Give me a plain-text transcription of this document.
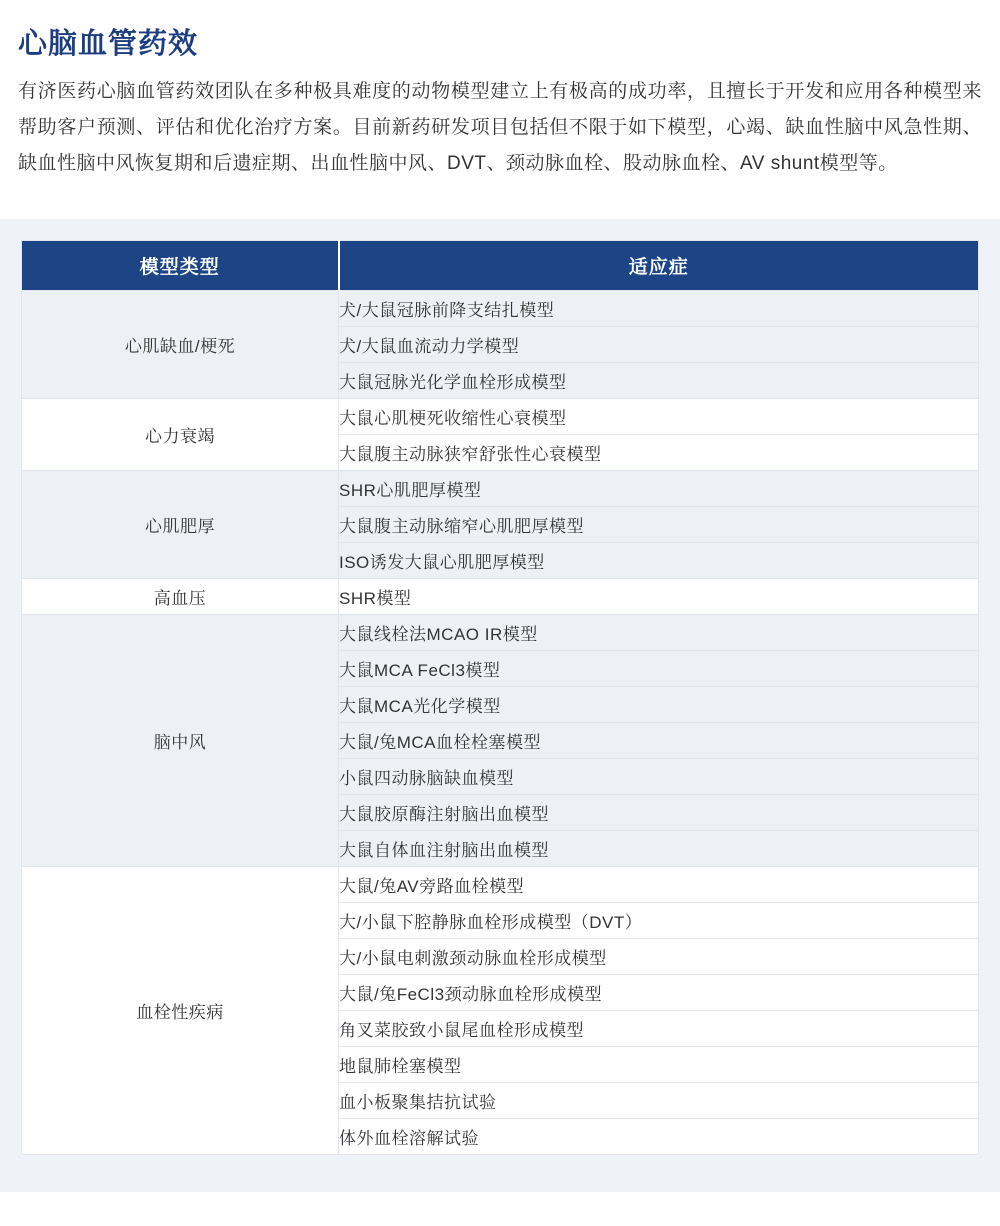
心脑血管药效

有济医药心脑血管药效团队在多种极具难度的动物模型建立上有极高的成功率，且擅长于开发和应用各种模型来帮助客户预测、评估和优化治疗方案。目前新药研发项目包括但不限于如下模型，心竭、缺血性脑中风急性期、缺血性脑中风恢复期和后遗症期、出血性脑中风、DVT、颈动脉血栓、股动脉血栓、AV shunt模型等。

模型类型	适应症
心肌缺血/梗死	犬/大鼠冠脉前降支结扎模型
	犬/大鼠血流动力学模型
	大鼠冠脉光化学血栓形成模型
心力衰竭	大鼠心肌梗死收缩性心衰模型
	大鼠腹主动脉狭窄舒张性心衰模型
心肌肥厚	SHR心肌肥厚模型
	大鼠腹主动脉缩窄心肌肥厚模型
	ISO诱发大鼠心肌肥厚模型
高血压	SHR模型
脑中风	大鼠线栓法MCAO IR模型
	大鼠MCA FeCl3模型
	大鼠MCA光化学模型
	大鼠/兔MCA血栓栓塞模型
	小鼠四动脉脑缺血模型
	大鼠胶原酶注射脑出血模型
	大鼠自体血注射脑出血模型
血栓性疾病	大鼠/兔AV旁路血栓模型
	大/小鼠下腔静脉血栓形成模型（DVT）
	大/小鼠电刺激颈动脉血栓形成模型
	大鼠/兔FeCl3颈动脉血栓形成模型
	角叉菜胶致小鼠尾血栓形成模型
	地鼠肺栓塞模型
	血小板聚集拮抗试验
	体外血栓溶解试验
